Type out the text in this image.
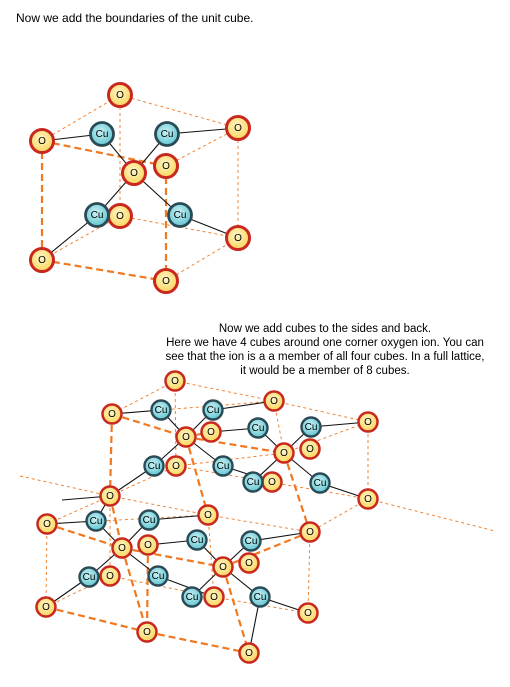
Now we add the boundaries of the unit cube.
Now we add cubes to the sides and back.
Here we have 4 cubes around one corner oxygen ion. You can
see that the ion is a a member of all four cubes. In a full lattice,
it would be a member of 8 cubes.
O
O
O
O
O
O
O
O
O
Cu	Cu
Cu	Cu
O
O
O
O
O O
O O
O
O
O	O
O
O
O
O O
O O
O
O
O
O
O
O
Cu	Cu
Cu	Cu
Cu	Cu
Cu	Cu
Cu	Cu
Cu	Cu
Cu	Cu
Cu	Cu
